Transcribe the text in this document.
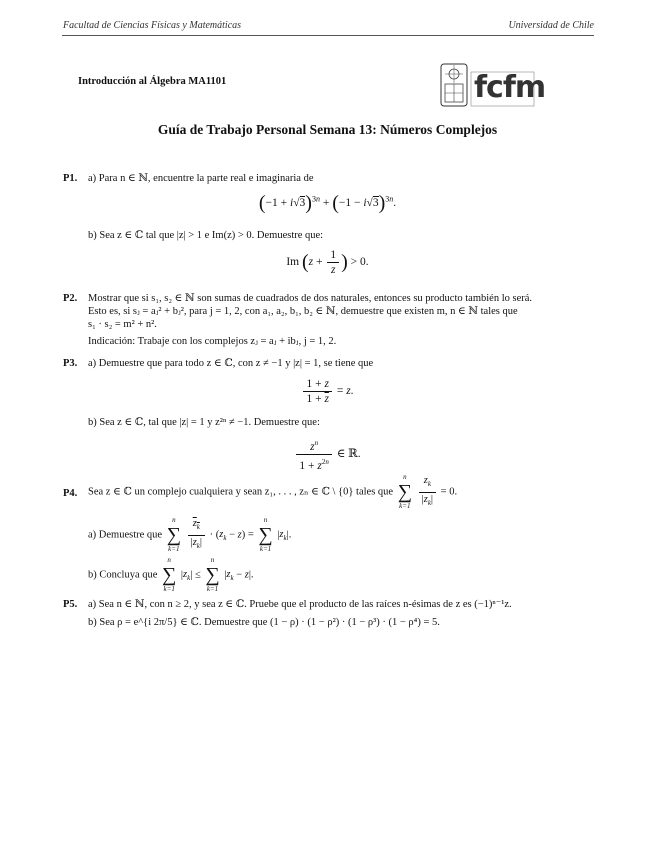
Facultad de Ciencias Físicas y Matemáticas	Universidad de Chile
Introducción al Álgebra MA1101	fcfm
Guía de Trabajo Personal Semana 13: Números Complejos
P1. a) Para n ∈ ℕ, encuentre la parte real e imaginaria de
$(-1 + i√3)^{3n} + (-1 - i√3)^{3n}$.
b) Sea z ∈ ℂ tal que |z| > 1 e Im(z) > 0. Demuestre que:
Im ($z + \frac{1}{z}$ ) > 0.
P2. Mostrar que si s₁, s₂ ∈ ℕ son sumas de cuadrados de dos naturales, entonces su producto también lo será.
Esto es, si sⱼ = aⱼ² + bⱼ², para j = 1, 2, con a₁, a₂, b₁, b₂ ∈ ℕ, demuestre que existen m, n ∈ ℕ tales que
s₁ · s₂ = m² + n².
Indicación: Trabaje con los complejos zⱼ = aⱼ + ibⱼ, j = 1, 2.
P3. a) Demuestre que para todo z ∈ ℂ, con z ≠ −1 y |z| = 1, se tiene que
$\frac{1 + z}{1 + \overline{z}} = z$.
b) Sea z ∈ ℂ, tal que |z| = 1 y z²ⁿ ≠ −1. Demuestre que:
$\frac{z^n}{1 + z^{2n}}$ ∈ ℝ.
P4. Sea z ∈ ℂ un complejo cualquiera y sean z₁, . . . , zₙ ∈ ℂ \ {0} tales que
n
∑
k=1
$\frac{z_k}{|z_k|} = 0$.
a) Demuestre que
n
∑
k=1
$\frac{z_k}{|z_k|} \cdot (z_k - z)$ =
n
∑
k=1
$|z_k|$.
b) Concluya que
n
∑
k=1
$|z_k|$ ≤
n
∑
k=1
$|z_k - z|$.
P5. a) Sea n ∈ ℕ, con n ≥ 2, y sea z ∈ ℂ. Pruebe que el producto de las raíces n-ésimas de z es (−1)ⁿ⁻¹z.
b) Sea ρ = e^{i 2π/5} ∈ ℂ. Demuestre que (1 − ρ) · (1 − ρ²) · (1 − ρ³) · (1 − ρ⁴) = 5.
